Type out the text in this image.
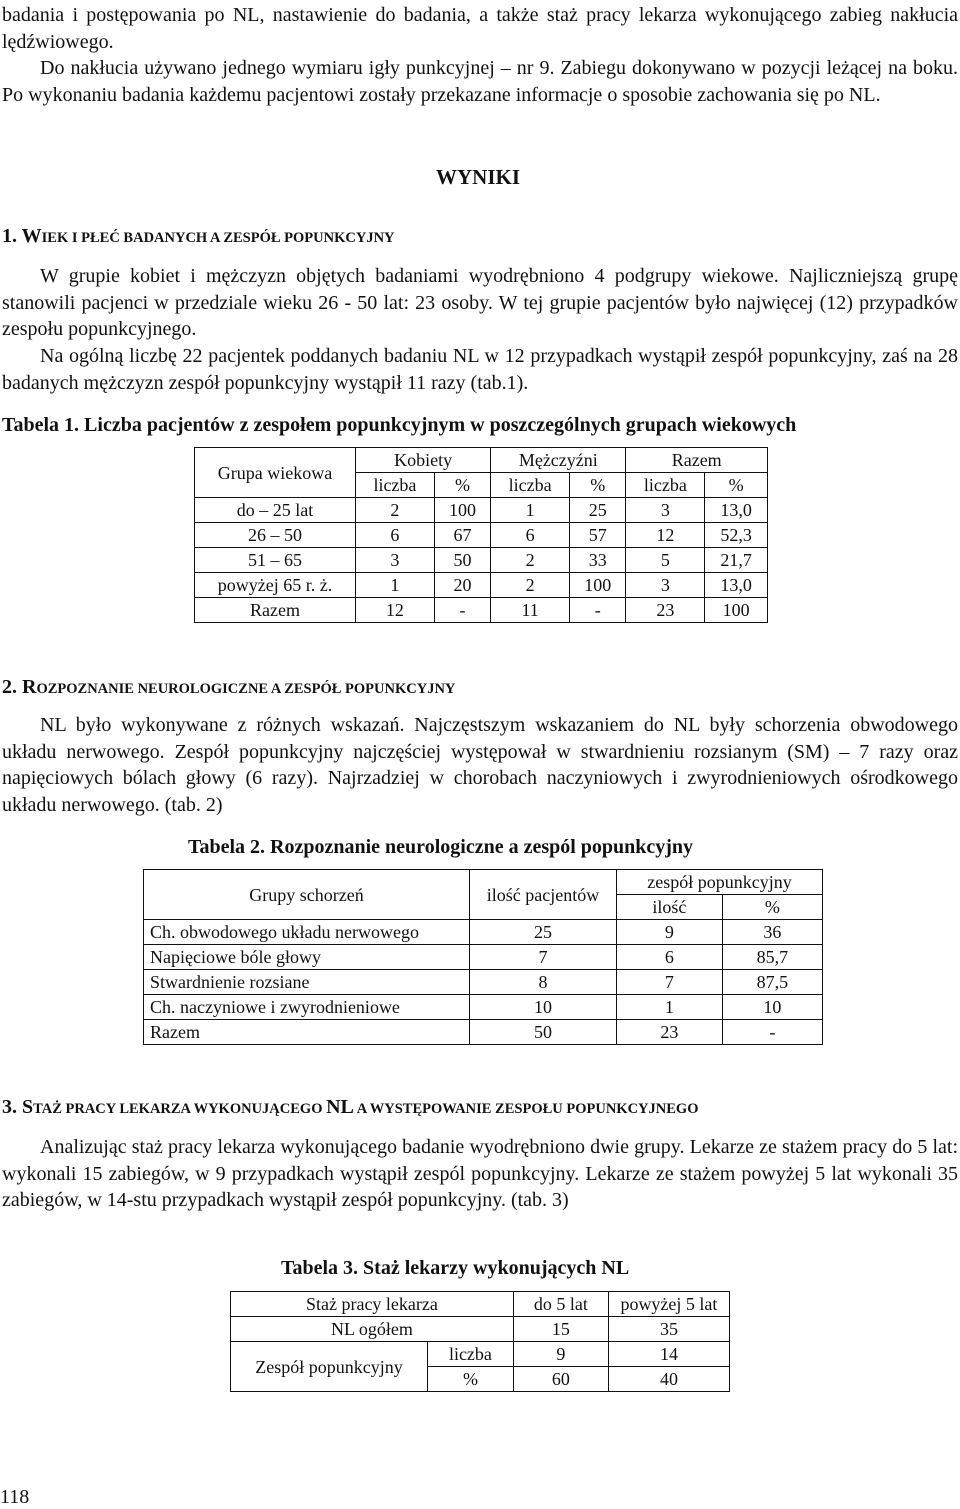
badania i postępowania po NL, nastawienie do badania, a także staż pracy lekarza wykonującego zabieg nakłucia lędźwiowego.

Do nakłucia używano jednego wymiaru igły punkcyjnej – nr 9. Zabiegu dokonywano w pozycji leżącej na boku. Po wykonaniu badania każdemu pacjentowi zostały przekazane informacje o sposobie zachowania się po NL.

WYNIKI

1. WIEK I PŁEĆ BADANYCH A ZESPÓŁ POPUNKCYJNY

W grupie kobiet i mężczyzn objętych badaniami wyodrębniono 4 podgrupy wiekowe. Najliczniejszą grupę stanowili pacjenci w przedziale wieku 26 - 50 lat: 23 osoby. W tej grupie pacjentów było najwięcej (12) przypadków zespołu popunkcyjnego.

Na ogólną liczbę 22 pacjentek poddanych badaniu NL w 12 przypadkach wystąpił zespół popunkcyjny, zaś na 28 badanych mężczyzn zespół popunkcyjny wystąpił 11 razy (tab.1).

Tabela 1. Liczba pacjentów z zespołem popunkcyjnym w poszczególnych grupach wiekowych

Grupa wiekowa	Kobiety		Mężczyźni		Razem	
	liczba	%	liczba	%	liczba	%
do – 25 lat	2	100	1	25	3	13,0
26 – 50	6	67	6	57	12	52,3
51 – 65	3	50	2	33	5	21,7
powyżej 65 r. ż.	1	20	2	100	3	13,0
Razem	12	-	11	-	23	100

2. ROZPOZNANIE NEUROLOGICZNE A ZESPÓŁ POPUNKCYJNY

NL było wykonywane z różnych wskazań. Najczęstszym wskazaniem do NL były schorzenia obwodowego układu nerwowego. Zespół popunkcyjny najczęściej występował w stwardnieniu rozsianym (SM) – 7 razy oraz napięciowych bólach głowy (6 razy). Najrzadziej w chorobach naczyniowych i zwyrodnieniowych ośrodkowego układu nerwowego. (tab. 2)

Tabela 2. Rozpoznanie neurologiczne a zespól popunkcyjny

Grupy schorzeń	ilość pacjentów	zespół popunkcyjny	
		ilość	%
Ch. obwodowego układu nerwowego	25	9	36
Napięciowe bóle głowy	7	6	85,7
Stwardnienie rozsiane	8	7	87,5
Ch. naczyniowe i zwyrodnieniowe	10	1	10
Razem	50	23	-

3. STAŻ PRACY LEKARZA WYKONUJĄCEGO NL A WYSTĘPOWANIE ZESPOŁU POPUNKCYJNEGO

Analizując staż pracy lekarza wykonującego badanie wyodrębniono dwie grupy. Lekarze ze stażem pracy do 5 lat: wykonali 15 zabiegów, w 9 przypadkach wystąpił zespól popunkcyjny. Lekarze ze stażem powyżej 5 lat wykonali 35 zabiegów, w 14-stu przypadkach wystąpił zespół popunkcyjny. (tab. 3)

Tabela 3. Staż lekarzy wykonujących NL

Staż pracy lekarza		do 5 lat	powyżej 5 lat
NL ogółem		15	35
Zespół popunkcyjny	liczba	9	14
	%	60	40
118
